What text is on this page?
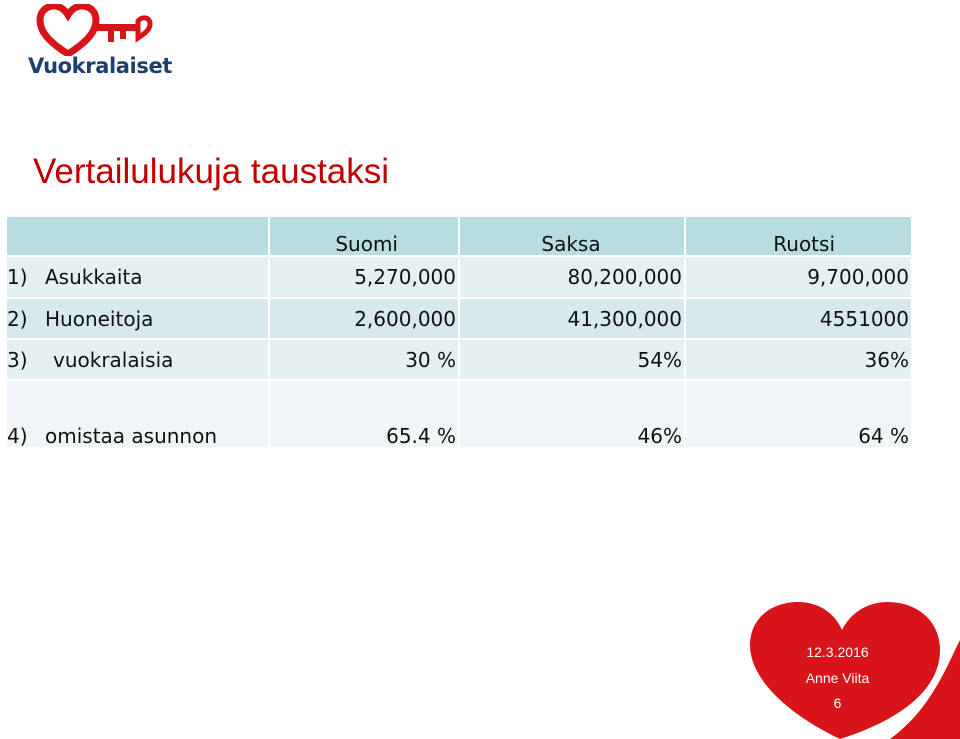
Vuokralaiset
Vertailulukuja taustaksi
	Suomi	Saksa	Ruotsi
1) Asukkaita	5,270,000	80,200,000	9,700,000
2) Huoneitoja	2,600,000	41,300,000	4551000
3) vuokralaisia	30 %	54%	36%
4) omistaa asunnon	65.4 %	46%	64 %
12.3.2016
Anne Viita
6
